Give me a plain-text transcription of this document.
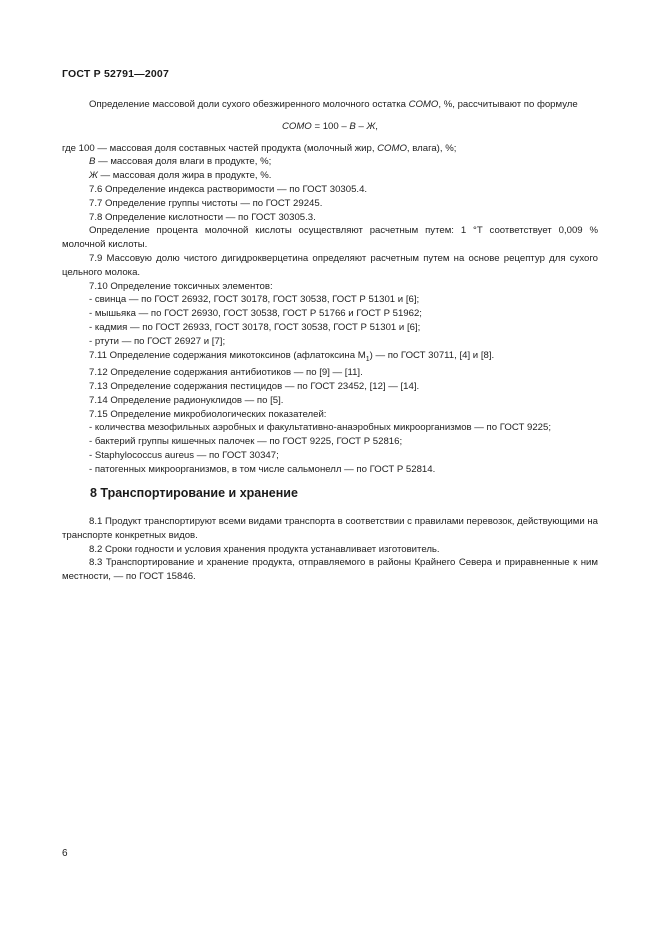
ГОСТ Р 52791—2007

Определение массовой доли сухого обезжиренного молочного остатка СОМО, %, рассчитывают по формуле

СОМО = 100 – В – Ж,

где 100 — массовая доля составных частей продукта (молочный жир, СОМО, влага), %;

В — массовая доля влаги в продукте, %;

Ж — массовая доля жира в продукте, %.

7.6 Определение индекса растворимости — по ГОСТ 30305.4.

7.7 Определение группы чистоты — по ГОСТ 29245.

7.8 Определение кислотности — по ГОСТ 30305.3.

Определение процента молочной кислоты осуществляют расчетным путем: 1 °Т соответствует 0,009 % молочной кислоты.

7.9 Массовую долю чистого дигидрокверцетина определяют расчетным путем на основе рецептур для сухого цельного молока.

7.10 Определение токсичных элементов:

- свинца — по ГОСТ 26932, ГОСТ 30178, ГОСТ 30538, ГОСТ Р 51301 и [6];

- мышьяка — по ГОСТ 26930, ГОСТ 30538, ГОСТ Р 51766 и ГОСТ Р 51962;

- кадмия — по ГОСТ 26933, ГОСТ 30178, ГОСТ 30538, ГОСТ Р 51301 и [6];

- ртути — по ГОСТ 26927 и [7];

7.11 Определение содержания микотоксинов (афлатоксина $M_1$) — по ГОСТ 30711, [4] и [8].

7.12 Определение содержания антибиотиков — по [9] — [11].

7.13 Определение содержания пестицидов — по ГОСТ 23452, [12] — [14].

7.14 Определение радионуклидов — по [5].

7.15 Определение микробиологических показателей:

- количества мезофильных аэробных и факультативно-анаэробных микроорганизмов — по ГОСТ 9225;

- бактерий группы кишечных палочек — по ГОСТ 9225, ГОСТ Р 52816;

- Staphylococcus aureus — по ГОСТ 30347;

- патогенных микроорганизмов, в том числе сальмонелл — по ГОСТ Р 52814.

8 Транспортирование и хранение

8.1 Продукт транспортируют всеми видами транспорта в соответствии с правилами перевозок, действующими на транспорте конкретных видов.

8.2 Сроки годности и условия хранения продукта устанавливает изготовитель.

8.3 Транспортирование и хранение продукта, отправляемого в районы Крайнего Севера и приравненные к ним местности, — по ГОСТ 15846.

6
